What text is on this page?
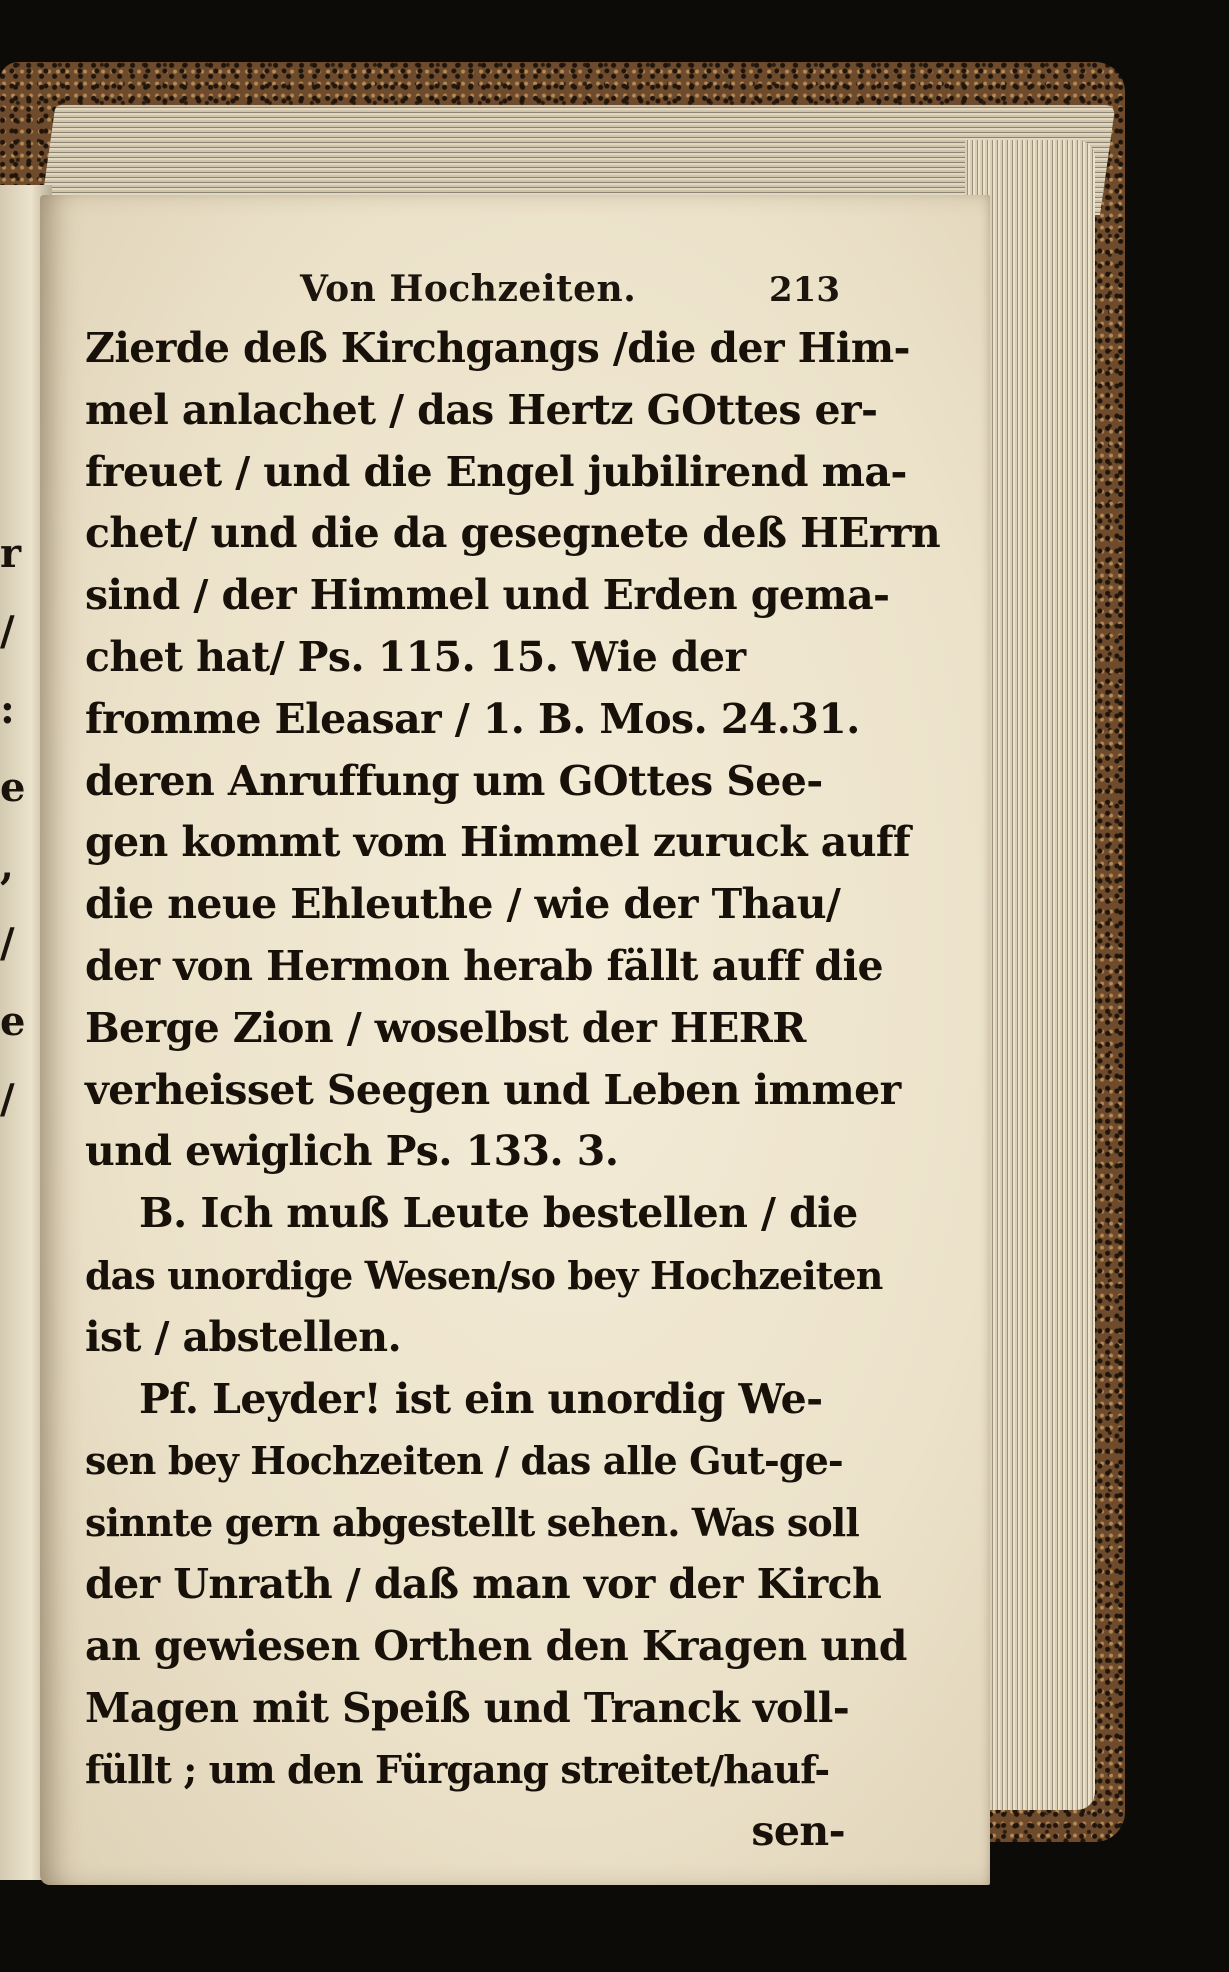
r
/
:
e
,
/
e
/
Von Hochzeiten.	213
Zierde deß Kirchgangs /die der Him-
mel anlachet / das Hertz GOttes er-
freuet / und die Engel jubilirend ma-
chet/ und die da gesegnete deß HErrn
sind / der Himmel und Erden gema-
chet hat/ Ps. 115. 15. Wie der
fromme Eleasar / 1. B. Mos. 24.31.
deren Anruffung um GOttes See-
gen kommt vom Himmel zuruck auff
die neue Ehleuthe / wie der Thau/
der von Hermon herab fällt auff die
Berge Zion / woselbst der HERR
verheisset Seegen und Leben immer
und ewiglich Ps. 133. 3.
B. Ich muß Leute bestellen / die
das unordige Wesen/so bey Hochzeiten
ist / abstellen.
Pf. Leyder! ist ein unordig We-
sen bey Hochzeiten / das alle Gut-ge-
sinnte gern abgestellt sehen. Was soll
der Unrath / daß man vor der Kirch
an gewiesen Orthen den Kragen und
Magen mit Speiß und Tranck voll-
füllt ; um den Fürgang streitet/hauf-
sen-
